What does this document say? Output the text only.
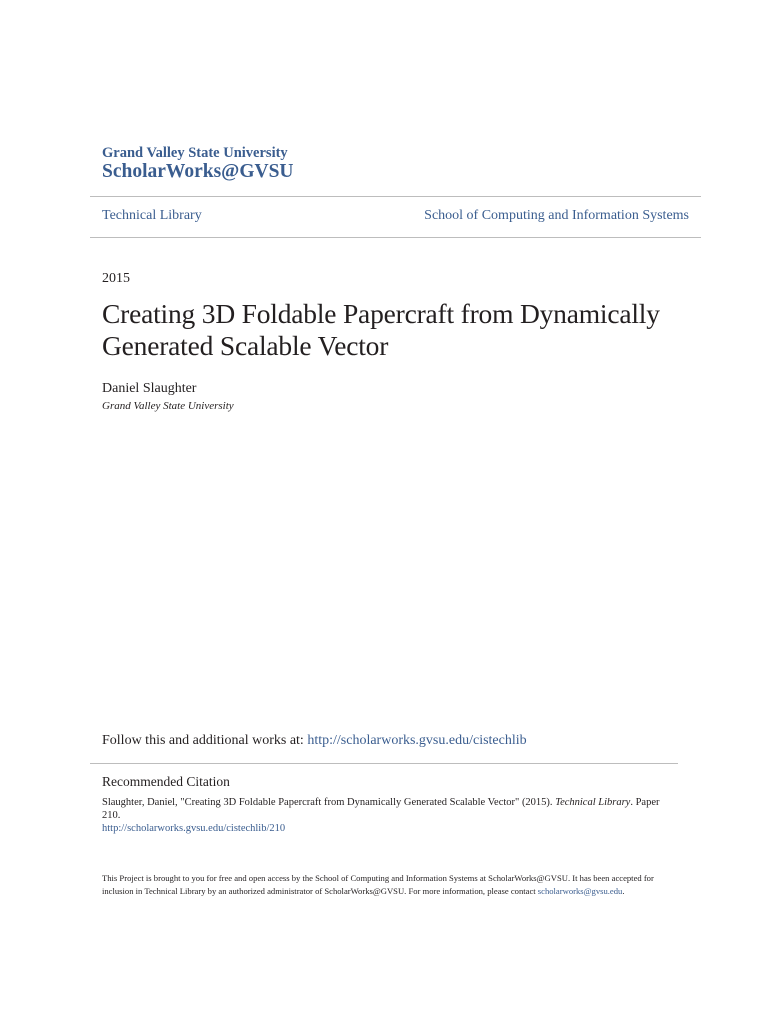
Grand Valley State University
ScholarWorks@GVSU
Technical Library	School of Computing and Information Systems
2015
Creating 3D Foldable Papercraft from Dynamically Generated Scalable Vector
Daniel Slaughter
Grand Valley State University
Follow this and additional works at: http://scholarworks.gvsu.edu/cistechlib
Recommended Citation
Slaughter, Daniel, "Creating 3D Foldable Papercraft from Dynamically Generated Scalable Vector" (2015). Technical Library. Paper 210.
http://scholarworks.gvsu.edu/cistechlib/210
This Project is brought to you for free and open access by the School of Computing and Information Systems at ScholarWorks@GVSU. It has been accepted for inclusion in Technical Library by an authorized administrator of ScholarWorks@GVSU. For more information, please contact scholarworks@gvsu.edu.
